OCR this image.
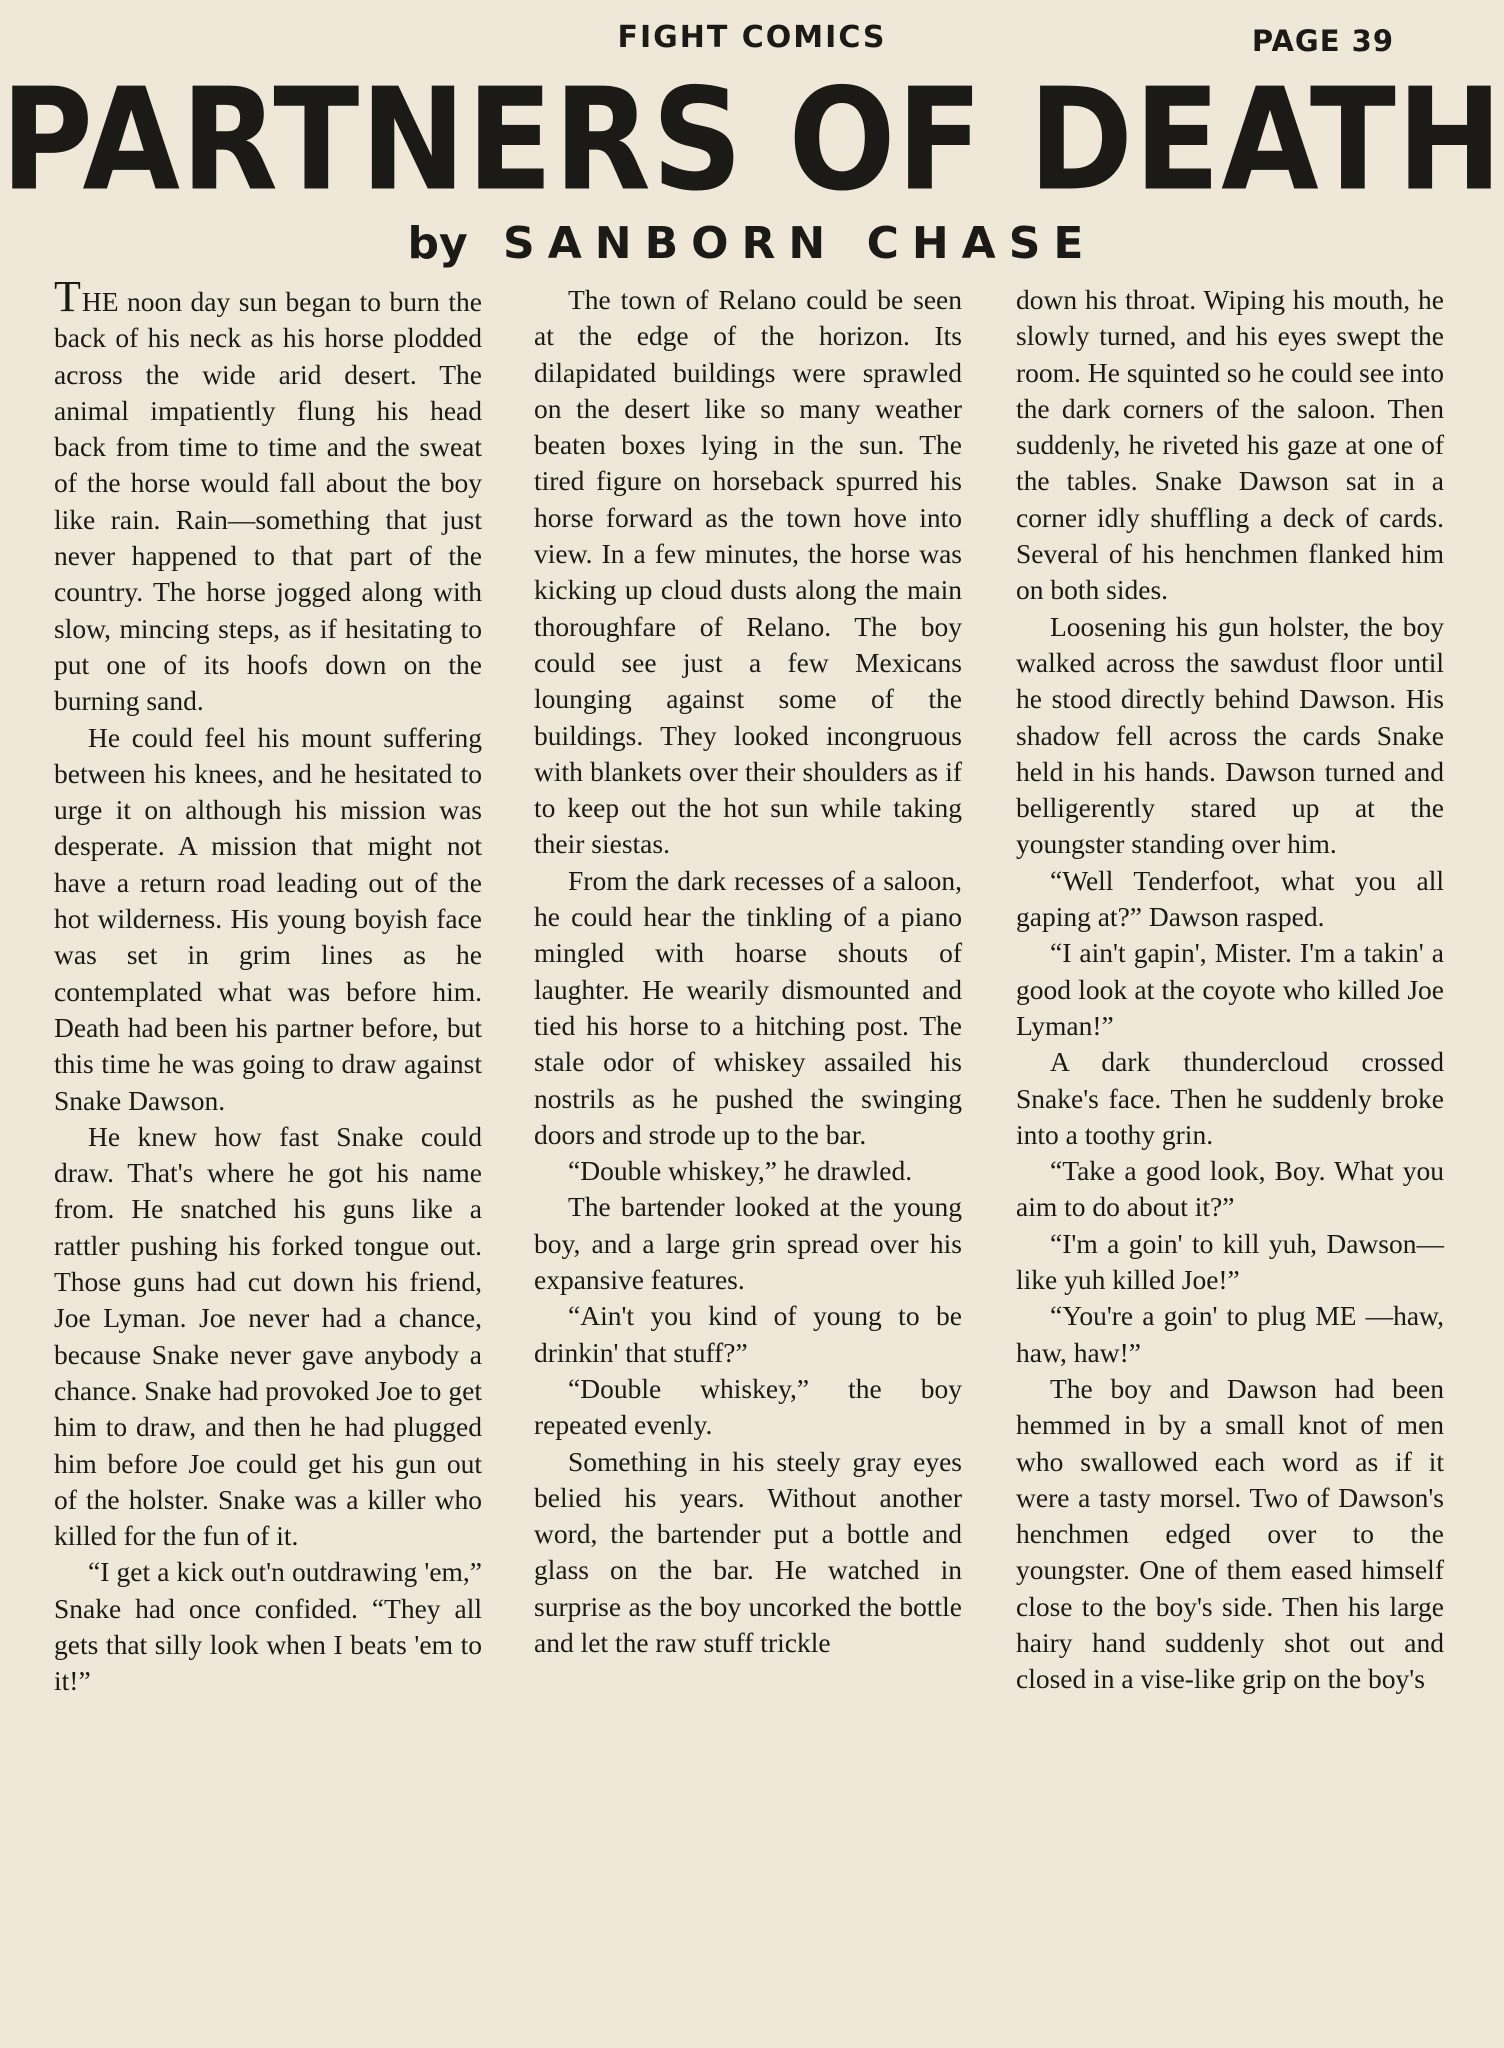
FIGHT COMICS	PAGE 39
PARTNERS OF DEATH
by SANBORN CHASE

THE noon day sun began to burn the back of his neck as his horse plodded across the wide arid desert. The animal impatiently flung his head back from time to time and the sweat of the horse would fall about the boy like rain. Rain—something that just never happened to that part of the country. The horse jogged along with slow, mincing steps, as if hesitating to put one of its hoofs down on the burning sand.

He could feel his mount suffering between his knees, and he hesitated to urge it on although his mission was desperate. A mission that might not have a return road leading out of the hot wilderness. His young boyish face was set in grim lines as he contemplated what was before him. Death had been his partner before, but this time he was going to draw against Snake Dawson.

He knew how fast Snake could draw. That's where he got his name from. He snatched his guns like a rattler pushing his forked tongue out. Those guns had cut down his friend, Joe Lyman. Joe never had a chance, because Snake never gave anybody a chance. Snake had provoked Joe to get him to draw, and then he had plugged him before Joe could get his gun out of the holster. Snake was a killer who killed for the fun of it.

“I get a kick out'n outdrawing 'em,” Snake had once confided. “They all gets that silly look when I beats 'em to it!”

The town of Relano could be seen at the edge of the horizon. Its dilapidated buildings were sprawled on the desert like so many weather beaten boxes lying in the sun. The tired figure on horseback spurred his horse forward as the town hove into view. In a few minutes, the horse was kicking up cloud dusts along the main thoroughfare of Relano. The boy could see just a few Mexicans lounging against some of the buildings. They looked incongruous with blankets over their shoulders as if to keep out the hot sun while taking their siestas.

From the dark recesses of a saloon, he could hear the tinkling of a piano mingled with hoarse shouts of laughter. He wearily dismounted and tied his horse to a hitching post. The stale odor of whiskey assailed his nostrils as he pushed the swinging doors and strode up to the bar.

“Double whiskey,” he drawled.

The bartender looked at the young boy, and a large grin spread over his expansive features.

“Ain't you kind of young to be drinkin' that stuff?”

“Double whiskey,” the boy repeated evenly.

Something in his steely gray eyes belied his years. Without another word, the bartender put a bottle and glass on the bar. He watched in surprise as the boy uncorked the bottle and let the raw stuff trickle

down his throat. Wiping his mouth, he slowly turned, and his eyes swept the room. He squinted so he could see into the dark corners of the saloon. Then suddenly, he riveted his gaze at one of the tables. Snake Dawson sat in a corner idly shuffling a deck of cards. Several of his henchmen flanked him on both sides.

Loosening his gun holster, the boy walked across the sawdust floor until he stood directly behind Dawson. His shadow fell across the cards Snake held in his hands. Dawson turned and belligerently stared up at the youngster standing over him.

“Well Tenderfoot, what you all gaping at?” Dawson rasped.

“I ain't gapin', Mister. I'm a takin' a good look at the coyote who killed Joe Lyman!”

A dark thundercloud crossed Snake's face. Then he suddenly broke into a toothy grin.

“Take a good look, Boy. What you aim to do about it?”

“I'm a goin' to kill yuh, Dawson—like yuh killed Joe!”

“You're a goin' to plug ME —haw, haw, haw!”

The boy and Dawson had been hemmed in by a small knot of men who swallowed each word as if it were a tasty morsel. Two of Dawson's henchmen edged over to the youngster. One of them eased himself close to the boy's side. Then his large hairy hand suddenly shot out and closed in a vise-like grip on the boy's
